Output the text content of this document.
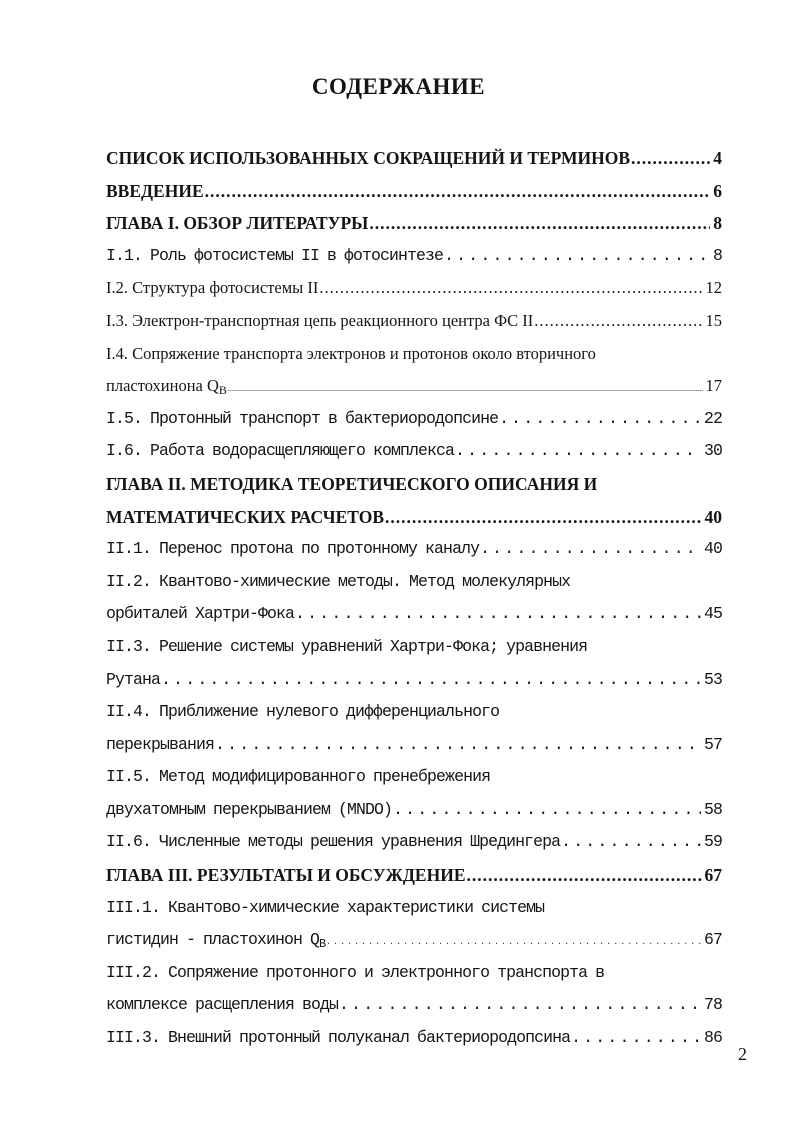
СОДЕРЖАНИЕ
СПИСОК ИСПОЛЬЗОВАННЫХ СОКРАЩЕНИЙ И ТЕРМИНОВ .....	4
ВВЕДЕНИЕ .....	6
ГЛАВА I. ОБЗОР ЛИТЕРАТУРЫ .....	8
I.1. Роль фотосистемы II в фотосинтезе .....	8
I.2. Структура фотосистемы II .....	12
I.3. Электрон-транспортная цепь реакционного центра ФС II .....	15
I.4. Сопряжение транспорта электронов и протонов около вторичного
пластохинона $Q_B$ .....	17
I.5. Протонный транспорт в бактериородопсине .....	22
I.6. Работа водорасщепляющего комплекса .....	30
ГЛАВА II. МЕТОДИКА ТЕОРЕТИЧЕСКОГО ОПИСАНИЯ И
МАТЕМАТИЧЕСКИХ РАСЧЕТОВ .....	40
II.1. Перенос протона по протонному каналу .....	40
II.2. Квантово-химические методы. Метод молекулярных
орбиталей Хартри-Фока .....	45
II.3. Решение системы уравнений Хартри-Фока; уравнения
Рутана .....	53
II.4. Приближение нулевого дифференциального
перекрывания .....	57
II.5. Метод модифицированного пренебрежения
двухатомным перекрыванием (MNDO) .....	58
II.6. Численные методы решения уравнения Шредингера .....	59
ГЛАВА III. РЕЗУЛЬТАТЫ И ОБСУЖДЕНИЕ .....	67
III.1. Квантово-химические характеристики системы
гистидин - пластохинон $Q_B$ .....	67
III.2. Сопряжение протонного и электронного транспорта в
комплексе расщепления воды .....	78
III.3. Внешний протонный полуканал бактериородопсина .....	86
2
